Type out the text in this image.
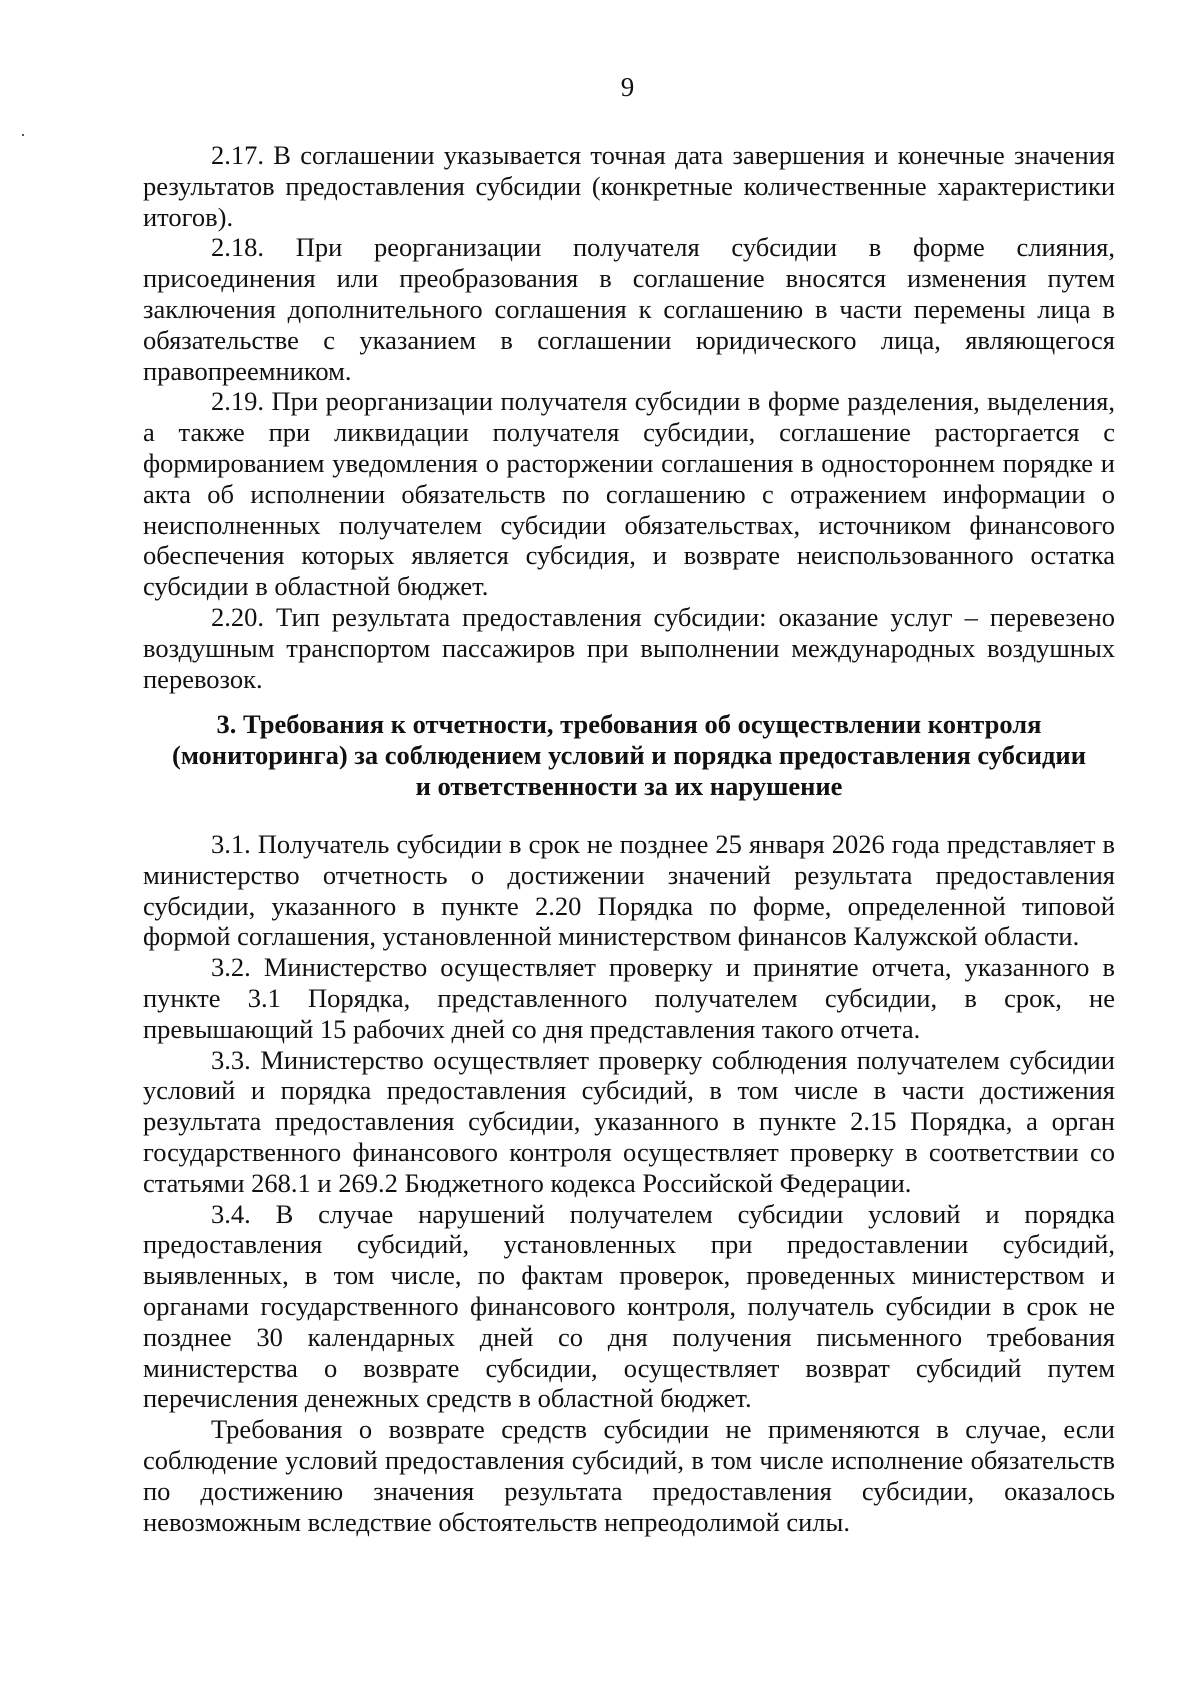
9

2.17. В соглашении указывается точная дата завершения и конечные значения результатов предоставления субсидии (конкретные количественные характеристики итогов).

2.18. При реорганизации получателя субсидии в форме слияния, присоединения или преобразования в соглашение вносятся изменения путем заключения дополнительного соглашения к соглашению в части перемены лица в обязательстве с указанием в соглашении юридического лица, являющегося правопреемником.

2.19. При реорганизации получателя субсидии в форме разделения, выделения, а также при ликвидации получателя субсидии, соглашение расторгается с формированием уведомления о расторжении соглашения в одностороннем порядке и акта об исполнении обязательств по соглашению с отражением информации о неисполненных получателем субсидии обязательствах, источником финансового обеспечения которых является субсидия, и возврате неиспользованного остатка субсидии в областной бюджет.

2.20. Тип результата предоставления субсидии: оказание услуг – перевезено воздушным транспортом пассажиров при выполнении международных воздушных перевозок.

3. Требования к отчетности, требования об осуществлении контроля
(мониторинга) за соблюдением условий и порядка предоставления субсидии
и ответственности за их нарушение

3.1. Получатель субсидии в срок не позднее 25 января 2026 года представляет в министерство отчетность о достижении значений результата предоставления субсидии, указанного в пункте 2.20 Порядка по форме, определенной типовой формой соглашения, установленной министерством финансов Калужской области.

3.2. Министерство осуществляет проверку и принятие отчета, указанного в пункте 3.1 Порядка, представленного получателем субсидии, в срок, не превышающий 15 рабочих дней со дня представления такого отчета.

3.3. Министерство осуществляет проверку соблюдения получателем субсидии условий и порядка предоставления субсидий, в том числе в части достижения результата предоставления субсидии, указанного в пункте 2.15 Порядка, а орган государственного финансового контроля осуществляет проверку в соответствии со статьями 268.1 и 269.2 Бюджетного кодекса Российской Федерации.

3.4. В случае нарушений получателем субсидии условий и порядка предоставления субсидий, установленных при предоставлении субсидий, выявленных, в том числе, по фактам проверок, проведенных министерством и органами государственного финансового контроля, получатель субсидии в срок не позднее 30 календарных дней со дня получения письменного требования министерства о возврате субсидии, осуществляет возврат субсидий путем перечисления денежных средств в областной бюджет.

Требования о возврате средств субсидии не применяются в случае, если соблюдение условий предоставления субсидий, в том числе исполнение обязательств по достижению значения результата предоставления субсидии, оказалось невозможным вследствие обстоятельств непреодолимой силы.
